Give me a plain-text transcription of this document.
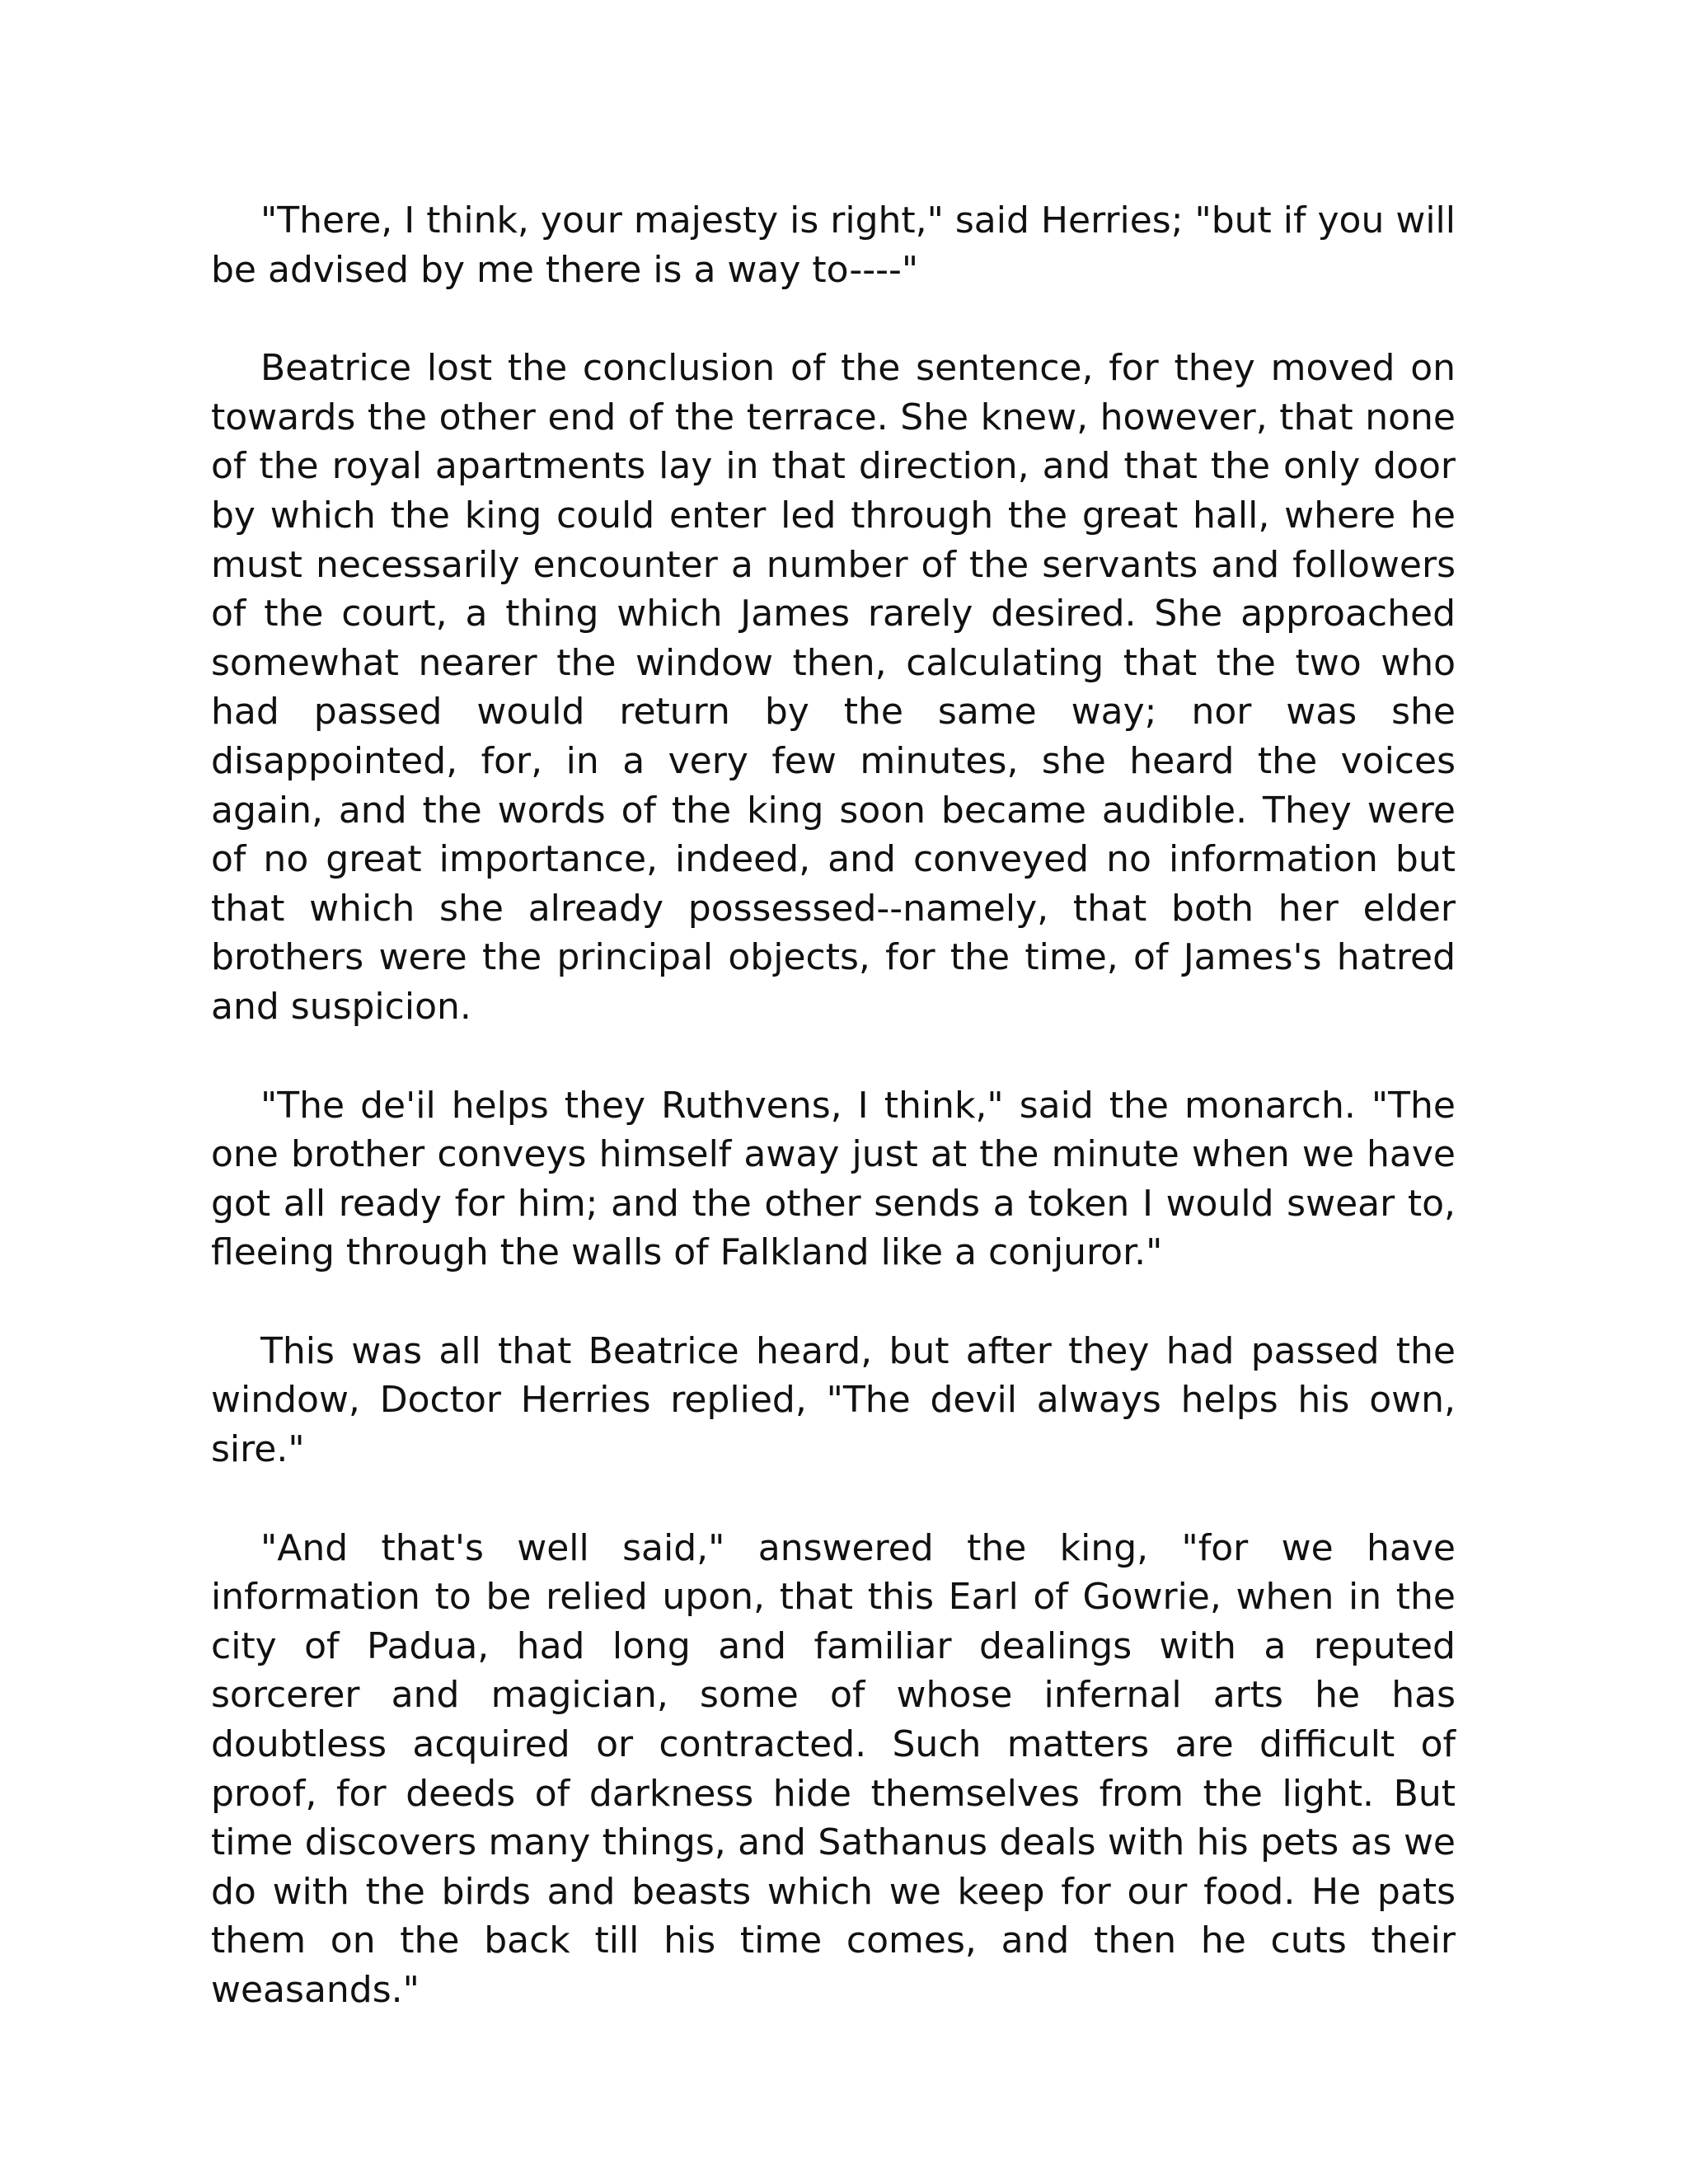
"There, I think, your majesty is right," said Herries; "but if you will be advised by me there is a way to----"

Beatrice lost the conclusion of the sentence, for they moved on towards the other end of the terrace. She knew, however, that none of the royal apartments lay in that direction, and that the only door by which the king could enter led through the great hall, where he must necessarily encounter a number of the servants and followers of the court, a thing which James rarely desired. She approached somewhat nearer the window then, calculating that the two who had passed would return by the same way; nor was she disappointed, for, in a very few minutes, she heard the voices again, and the words of the king soon became audible. They were of no great importance, indeed, and conveyed no information but that which she already possessed--namely, that both her elder brothers were the principal objects, for the time, of James's hatred and suspicion.

"The de'il helps they Ruthvens, I think," said the monarch. "The one brother conveys himself away just at the minute when we have got all ready for him; and the other sends a token I would swear to, fleeing through the walls of Falkland like a conjuror."

This was all that Beatrice heard, but after they had passed the window, Doctor Herries replied, "The devil always helps his own, sire."

"And that's well said," answered the king, "for we have information to be relied upon, that this Earl of Gowrie, when in the city of Padua, had long and familiar dealings with a reputed sorcerer and magician, some of whose infernal arts he has doubtless acquired or contracted. Such matters are difficult of proof, for deeds of darkness hide themselves from the light. But time discovers many things, and Sathanus deals with his pets as we do with the birds and beasts which we keep for our food. He pats them on the back till his time comes, and then he cuts their weasands."
